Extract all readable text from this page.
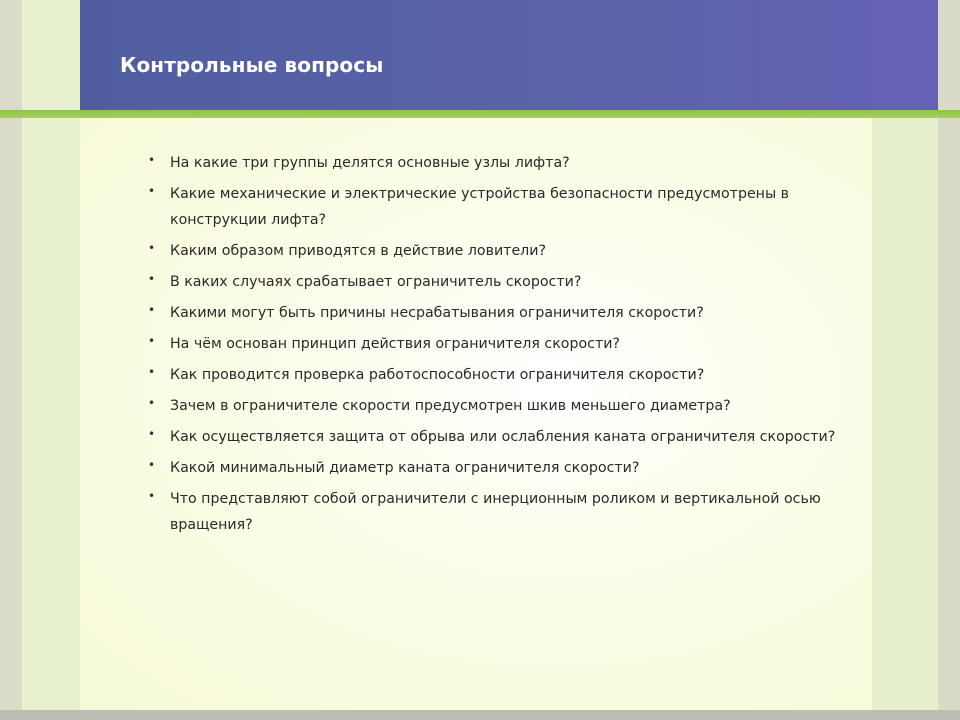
Контрольные вопросы
• На какие три группы делятся основные узлы лифта?
• Какие механические и электрические устройства безопасности предусмотрены в конструкции лифта?
• Каким образом приводятся в действие ловители?
• В каких случаях срабатывает ограничитель скорости?
• Какими могут быть причины несрабатывания ограничителя скорости?
• На чём основан принцип действия ограничителя скорости?
• Как проводится проверка работоспособности ограничителя скорости?
• Зачем в ограничителе скорости предусмотрен шкив меньшего диаметра?
• Как осуществляется защита от обрыва или ослабления каната ограничителя скорости?
• Какой минимальный диаметр каната ограничителя скорости?
• Что представляют собой ограничители с инерционным роликом и вертикальной осью вращения?
